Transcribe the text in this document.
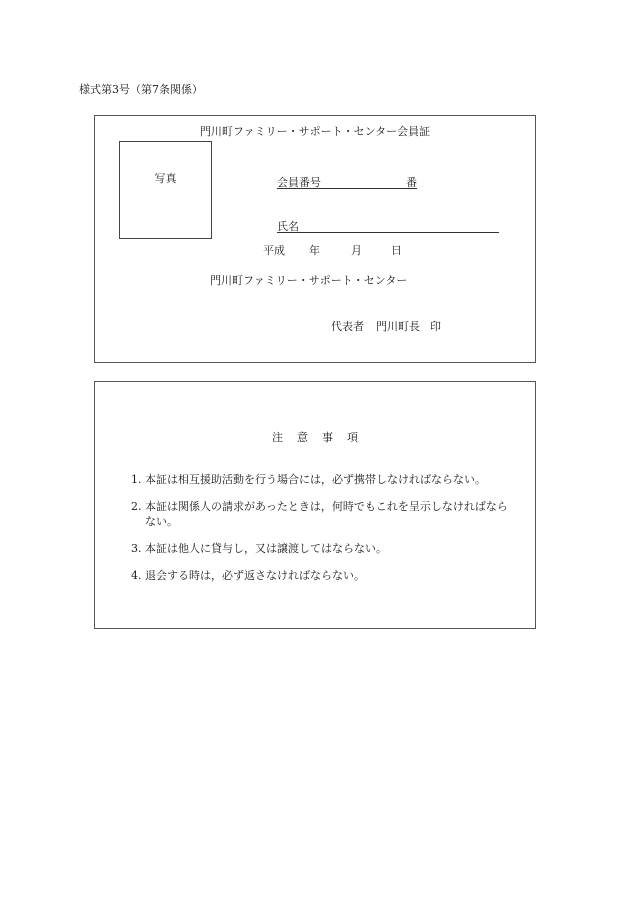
様式第3号（第7条関係）
門川町ファミリー・サポート・センター会員証
写真	会員番号	番
氏名
平成 年	月	日
門川町ファミリー・サポート・センター
代表者 門川町長 印
注 意 事 項
1. 本証は相互援助活動を行う場合には，必ず携帯しなければならない。
2. 本証は関係人の請求があったときは，何時でもこれを呈示しなければならない。
3. 本証は他人に貸与し，又は譲渡してはならない。
4. 退会する時は，必ず返さなければならない。
